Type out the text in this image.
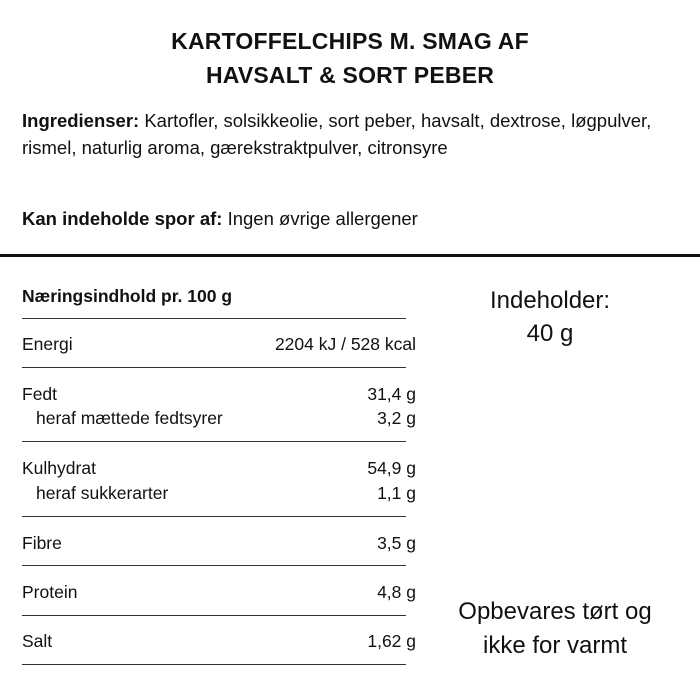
KARTOFFELCHIPS M. SMAG AF
HAVSALT & SORT PEBER
Ingredienser: Kartofler, solsikkeolie, sort peber, havsalt, dextrose, løgpulver, rismel, naturlig aroma, gærekstraktpulver, citronsyre
Kan indeholde spor af: Ingen øvrige allergener
Næringsindhold pr. 100 g
Energi	2204 kJ / 528 kcal
Fedt	31,4 g
heraf mættede fedtsyrer	3,2 g
Kulhydrat	54,9 g
heraf sukkerarter	1,1 g
Fibre	3,5 g
Protein	4,8 g
Salt	1,62 g
Indeholder:
40 g
Opbevares tørt og
ikke for varmt
